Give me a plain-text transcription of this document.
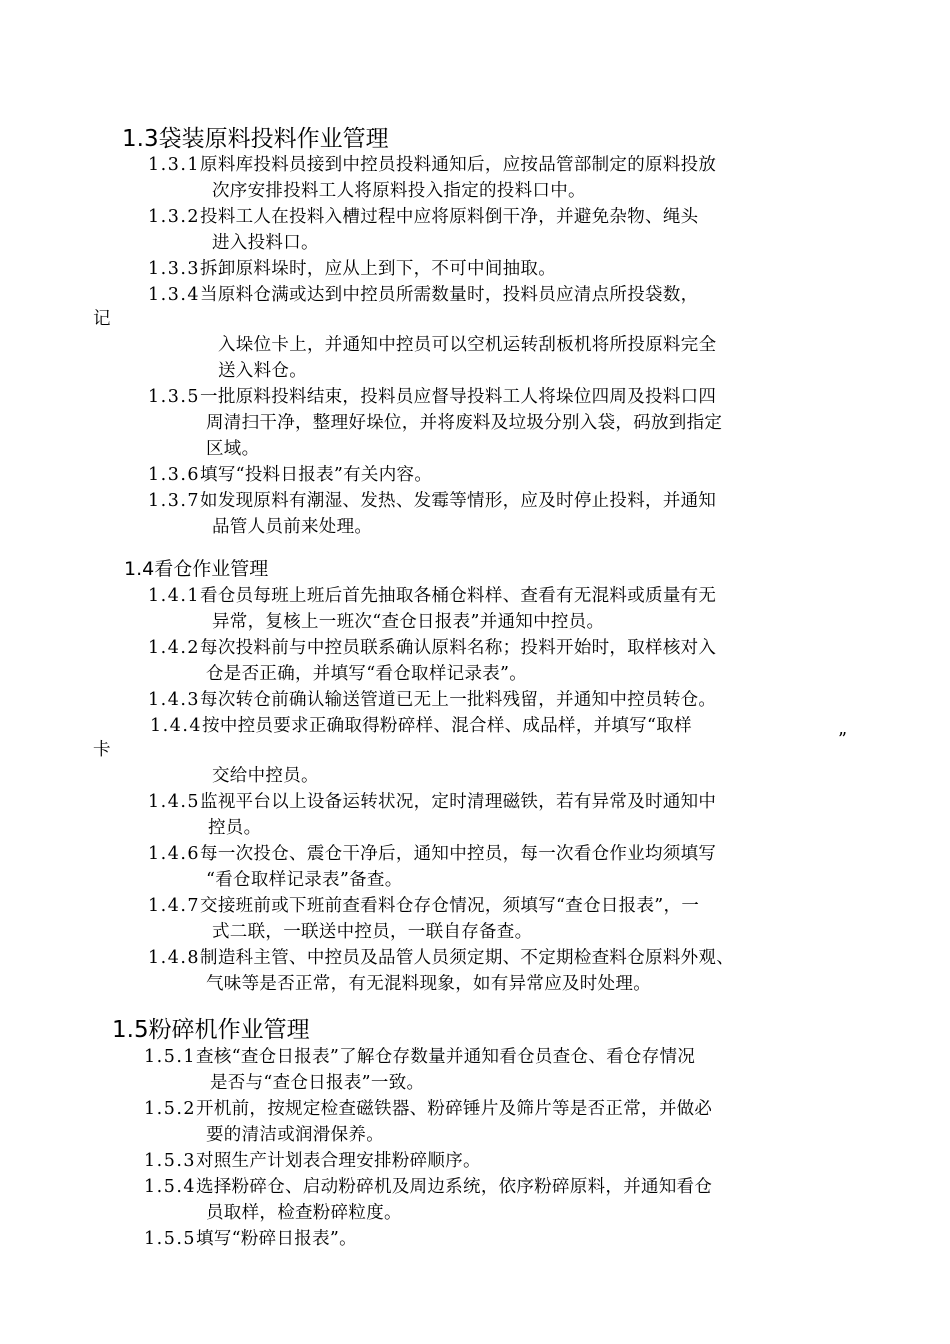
1.3袋装原料投料作业管理
1.3.1原料库投料员接到中控员投料通知后，应按品管部制定的原料投放
次序安排投料工人将原料投入指定的投料口中。
1.3.2投料工人在投料入槽过程中应将原料倒干净，并避免杂物、绳头
进入投料口。
1.3.3拆卸原料垛时，应从上到下，不可中间抽取。
1.3.4当原料仓满或达到中控员所需数量时，投料员应清点所投袋数，
记
入垛位卡上，并通知中控员可以空机运转刮板机将所投原料完全
送入料仓。
1.3.5一批原料投料结束，投料员应督导投料工人将垛位四周及投料口四
周清扫干净，整理好垛位，并将废料及垃圾分别入袋，码放到指定
区域。
1.3.6填写“投料日报表”有关内容。
1.3.7如发现原料有潮湿、发热、发霉等情形，应及时停止投料，并通知
品管人员前来处理。
1.4看仓作业管理
1.4.1看仓员每班上班后首先抽取各桶仓料样、查看有无混料或质量有无
异常，复核上一班次“查仓日报表”并通知中控员。
1.4.2每次投料前与中控员联系确认原料名称；投料开始时，取样核对入
仓是否正确，并填写“看仓取样记录表”。
1.4.3每次转仓前确认输送管道已无上一批料残留，并通知中控员转仓。
1.4.4按中控员要求正确取得粉碎样、混合样、成品样，并填写“取样
卡	”
交给中控员。
1.4.5监视平台以上设备运转状况，定时清理磁铁，若有异常及时通知中
控员。
1.4.6每一次投仓、震仓干净后，通知中控员，每一次看仓作业均须填写
“看仓取样记录表”备查。
1.4.7交接班前或下班前查看料仓存仓情况，须填写“查仓日报表”，一
式二联，一联送中控员，一联自存备查。
1.4.8制造科主管、中控员及品管人员须定期、不定期检查料仓原料外观、
气味等是否正常，有无混料现象，如有异常应及时处理。
1.5粉碎机作业管理
1.5.1查核“查仓日报表”了解仓存数量并通知看仓员查仓、看仓存情况
是否与“查仓日报表”一致。
1.5.2开机前，按规定检查磁铁器、粉碎锤片及筛片等是否正常，并做必
要的清洁或润滑保养。
1.5.3对照生产计划表合理安排粉碎顺序。
1.5.4选择粉碎仓、启动粉碎机及周边系统，依序粉碎原料，并通知看仓
员取样，检查粉碎粒度。
1.5.5填写“粉碎日报表”。
